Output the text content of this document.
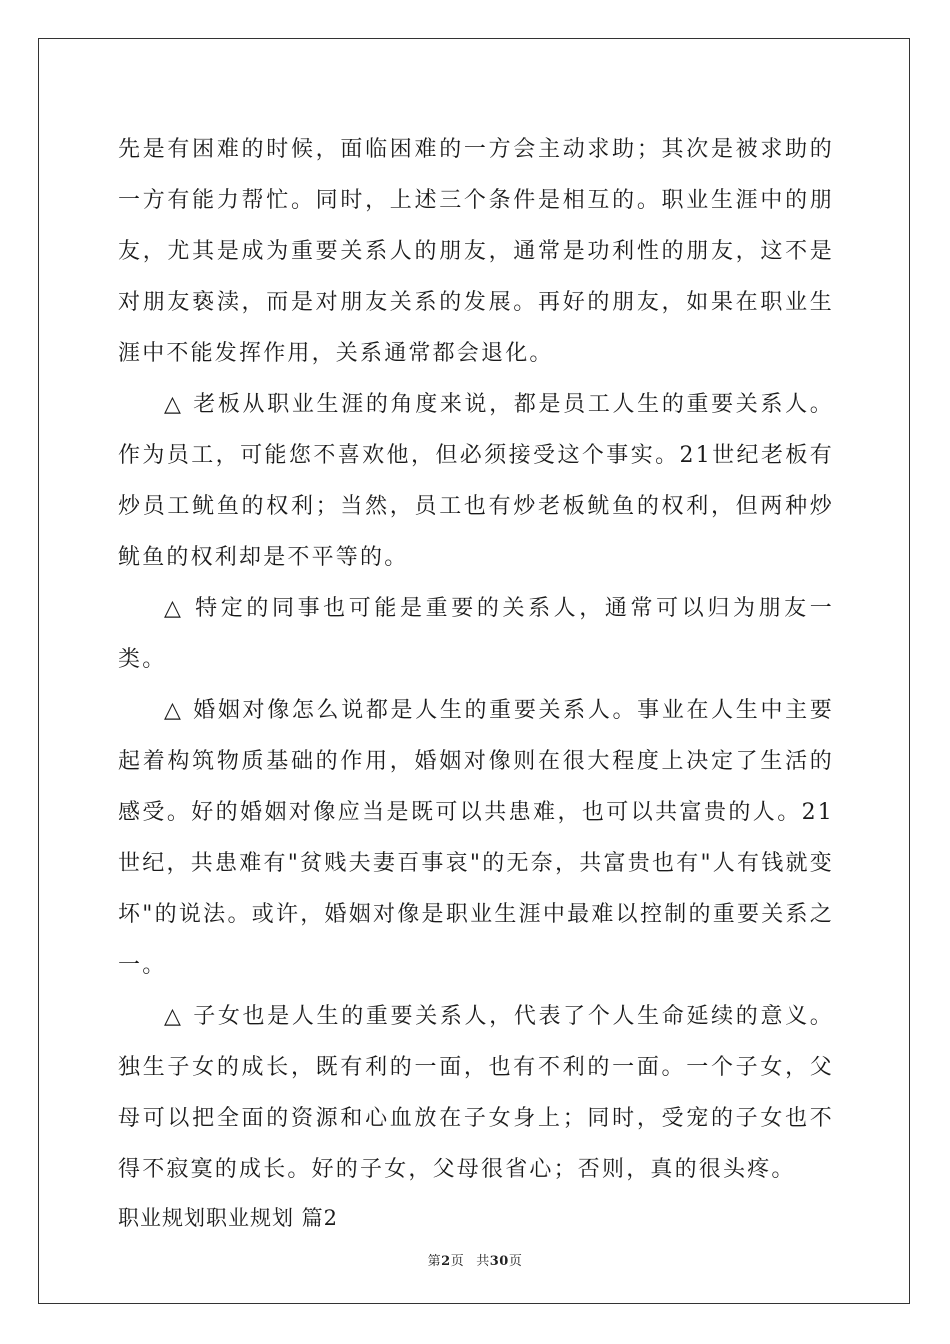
先是有困难的时候，面临困难的一方会主动求助；其次是被求助的一方有能力帮忙。同时，上述三个条件是相互的。职业生涯中的朋友，尤其是成为重要关系人的朋友，通常是功利性的朋友，这不是对朋友亵渎，而是对朋友关系的发展。再好的朋友，如果在职业生涯中不能发挥作用，关系通常都会退化。

△ 老板从职业生涯的角度来说，都是员工人生的重要关系人。作为员工，可能您不喜欢他，但必须接受这个事实。21世纪老板有炒员工鱿鱼的权利；当然，员工也有炒老板鱿鱼的权利，但两种炒鱿鱼的权利却是不平等的。

△ 特定的同事也可能是重要的关系人，通常可以归为朋友一类。

△ 婚姻对像怎么说都是人生的重要关系人。事业在人生中主要起着构筑物质基础的作用，婚姻对像则在很大程度上决定了生活的感受。好的婚姻对像应当是既可以共患难，也可以共富贵的人。21世纪，共患难有"贫贱夫妻百事哀"的无奈，共富贵也有"人有钱就变坏"的说法。或许，婚姻对像是职业生涯中最难以控制的重要关系之一。

△ 子女也是人生的重要关系人，代表了个人生命延续的意义。独生子女的成长，既有利的一面，也有不利的一面。一个子女，父母可以把全面的资源和心血放在子女身上；同时，受宠的子女也不得不寂寞的成长。好的子女，父母很省心；否则，真的很头疼。

职业规划职业规划 篇2

第2页 共30页
